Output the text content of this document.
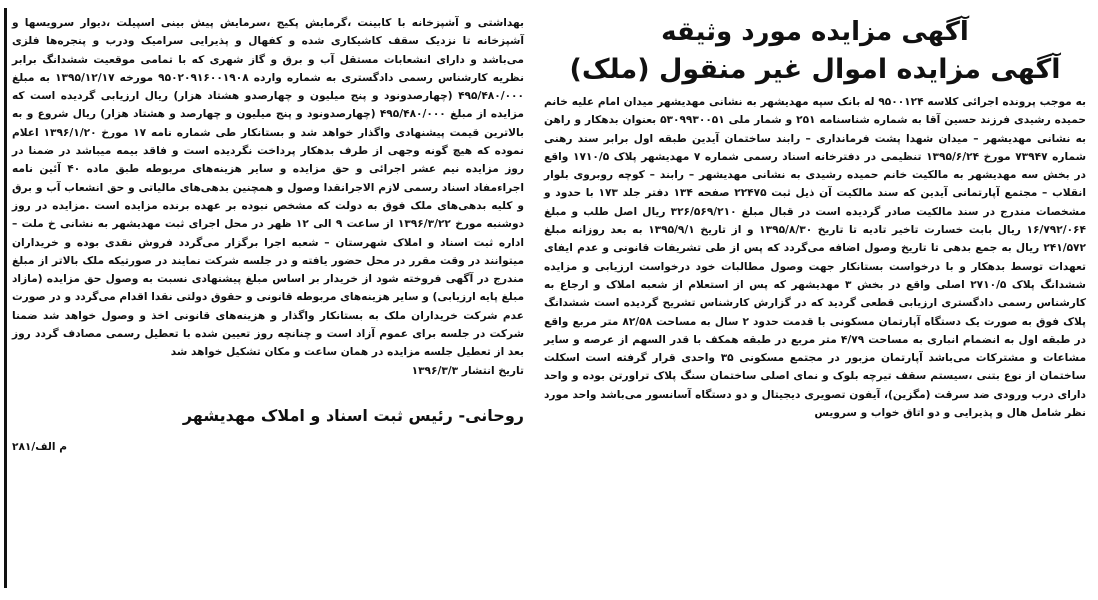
آگهی مزایده مورد وثیقه
آگهی مزایده اموال غیر منقول (ملک)

به موجب پرونده اجرائی کلاسه ۹۵۰۰۱۲۴ له بانک سپه مهدیشهر به نشانی مهدیشهر میدان امام علیه خانم حمیده رشیدی فرزند حسین آقا به شماره شناسنامه ۲۵۱ و شمار ملی ۵۳۰۹۹۳۰۰۵۱ بعنوان بدهکار و راهن به نشانی مهدیشهر – میدان شهدا پشت فرمانداری – رابند ساختمان آیدین طبقه اول برابر سند رهنی شماره ۷۳۹۴۷ مورخ ۱۳۹۵/۶/۲۴ تنظیمی در دفترخانه اسناد رسمی شماره ۷ مهدیشهر پلاک ۱۷۱۰/۵ واقع در بخش سه مهدیشهر به مالکیت خانم حمیده رشیدی به نشانی مهدیشهر – رابند – کوچه روبروی بلوار انقلاب – مجتمع آپارتمانی آیدین که سند مالکیت آن ذیل ثبت ۲۲۴۷۵ صفحه ۱۳۴ دفتر جلد ۱۷۳ با حدود و مشخصات مندرج در سند مالکیت صادر گردیده است در قبال مبلغ ۳۲۶/۵۶۹/۲۱۰ ریال اصل طلب و مبلغ ۱۶/۷۹۲/۰۶۴ ریال بابت خسارت تاخیر تادیه تا تاریخ ۱۳۹۵/۸/۳۰ و از تاریخ ۱۳۹۵/۹/۱ به بعد روزانه مبلغ ۲۴۱/۵۷۲ ریال به جمع بدهی تا تاریخ وصول اضافه می‌گردد که پس از طی تشریفات قانونی و عدم ایفای تعهدات توسط بدهکار و با درخواست بستانکار جهت وصول مطالبات خود درخواست ارزیابی و مزایده ششدانگ پلاک ۲۷۱۰/۵ اصلی واقع در بخش ۳ مهدیشهر که پس از استعلام از شعبه املاک و ارجاع به کارشناس رسمی دادگستری ارزیابی قطعی گردید که در گزارش کارشناس تشریح گردیده است ششدانگ پلاک فوق به صورت یک دستگاه آپارتمان مسکونی با قدمت حدود ۲ سال به مساحت ۸۲/۵۸ متر مربع واقع در طبقه اول به انضمام انباری به مساحت ۴/۷۹ متر مربع در طبقه همکف با قدر السهم از عرصه و سایر مشاعات و مشترکات می‌باشد آپارتمان مزبور در مجتمع مسکونی ۳۵ واحدی قرار گرفته است اسکلت ساختمان از نوع بتنی ،سیستم سقف تیرچه بلوک و نمای اصلی ساختمان سنگ پلاک تراورتن بوده و واحد دارای درب ورودی ضد سرقت (مگزین)، آیفون تصویری دیجیتال و دو دستگاه آسانسور می‌باشد واحد مورد نظر شامل هال و پذیرایی و دو اتاق خواب و سرویس

بهداشتی و آشپزخانه با کابینت ،گرمایش پکیج ،سرمایش پیش بینی اسپیلت ،دیوار سرویسها و آشپزخانه تا نزدیک سقف کاشیکاری شده و کفهال و پذیرایی سرامیک ودرب و پنجره‌ها فلزی می‌باشد و دارای انشعابات مستقل آب و برق و گاز شهری که با تمامی موقعیت ششدانگ برابر نظریه کارشناس رسمی دادگستری به شماره وارده ۹۵۰۲۰۹۱۶۰۰۱۹۰۸ مورخه ۱۳۹۵/۱۲/۱۷ به مبلغ ۴۹۵/۴۸۰/۰۰۰ (چهارصدونود و پنج میلیون و چهارصدو هشتاد هزار) ریال ارزیابی گردیده است که مزایده از مبلغ ۴۹۵/۴۸۰/۰۰۰ (چهارصدونود و پنج میلیون و چهارصد و هشتاد هزار) ریال شروع و به بالاترین قیمت پیشنهادی واگذار خواهد شد و بستانکار طی شماره نامه ۱۷ مورخ ۱۳۹۶/۱/۲۰ اعلام نموده که هیچ گونه وجهی از طرف بدهکار پرداخت نگردیده است و فاقد بیمه میباشد در ضمنا در روز مزایده نیم عشر اجرائی و حق مزایده و سایر هزینه‌های مربوطه طبق ماده ۴۰ آئین نامه اجراءمفاد اسناد رسمی لازم الاجرانقدا وصول و همچنین بدهی‌های مالیاتی و حق انشعاب آب و برق و کلیه بدهی‌های ملک فوق به دولت که مشخص نبوده بر عهده برنده مزایده است .مزایده در روز دوشنبه مورخ ۱۳۹۶/۳/۲۲ از ساعت ۹ الی ۱۲ ظهر در محل اجرای ثبت مهدیشهر به نشانی خ ملت – اداره ثبت اسناد و املاک شهرستان – شعبه اجرا برگزار می‌گردد فروش نقدی بوده و خریداران میتوانند در وقت مقرر در محل حضور یافته و در جلسه شرکت نمایند در صورتیکه ملک بالاتر از مبلغ مندرج در آگهی فروخته شود از خریدار بر اساس مبلغ پیشنهادی نسبت به وصول حق مزایده (مازاد مبلغ پایه ارزیابی) و سایر هزینه‌های مربوطه قانونی و حقوق دولتی نقدا اقدام می‌گردد و در صورت عدم شرکت خریداران ملک به بستانکار واگذار و هزینه‌های قانونی اخذ و وصول خواهد شد ضمنا شرکت در جلسه برای عموم آزاد است و چنانچه روز تعیین شده با تعطیل رسمی مصادف گردد روز بعد از تعطیل جلسه مزایده در همان ساعت و مکان تشکیل خواهد شد

تاریخ انتشار ۱۳۹۶/۳/۳

روحانی- رئیس ثبت اسناد و املاک مهدیشهر
م الف/۲۸۱
